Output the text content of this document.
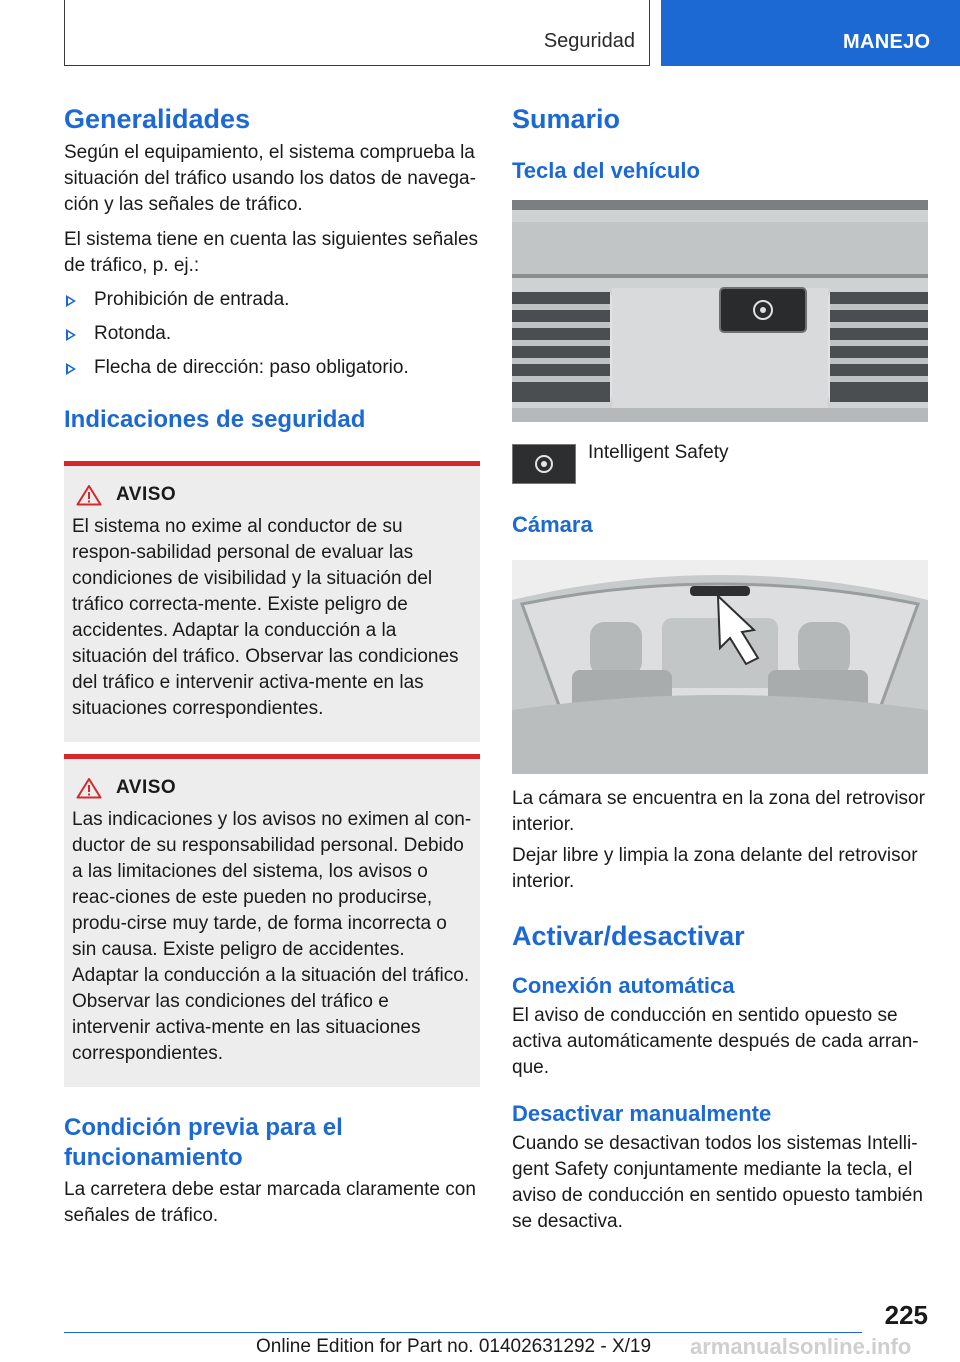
Seguridad	MANEJO
Generalidades

Según el equipamiento, el sistema comprueba la situación del tráfico usando los datos de navega-ción y las señales de tráfico.

El sistema tiene en cuenta las siguientes señales de tráfico, p. ej.:

Prohibición de entrada.
Rotonda.
Flecha de dirección: paso obligatorio.
Indicaciones de seguridad
AVISO

El sistema no exime al conductor de su respon-sabilidad personal de evaluar las condiciones de visibilidad y la situación del tráfico correcta-mente. Existe peligro de accidentes. Adaptar la conducción a la situación del tráfico. Observar las condiciones del tráfico e intervenir activa-mente en las situaciones correspondientes.

AVISO

Las indicaciones y los avisos no eximen al con-ductor de su responsabilidad personal. Debido a las limitaciones del sistema, los avisos o reac-ciones de este pueden no producirse, produ-cirse muy tarde, de forma incorrecta o sin causa. Existe peligro de accidentes. Adaptar la conducción a la situación del tráfico. Observar las condiciones del tráfico e intervenir activa-mente en las situaciones correspondientes.

Condición previa para el funcionamiento

La carretera debe estar marcada claramente con señales de tráfico.

Sumario
Tecla del vehículo
Intelligent Safety
Cámara

La cámara se encuentra en la zona del retrovisor interior.

Dejar libre y limpia la zona delante del retrovisor interior.

Activar/desactivar
Conexión automática

El aviso de conducción en sentido opuesto se activa automáticamente después de cada arran-que.

Desactivar manualmente

Cuando se desactivan todos los sistemas Intelli-gent Safety conjuntamente mediante la tecla, el aviso de conducción en sentido opuesto también se desactiva.

225
Online Edition for Part no. 01402631292 - X/19 armanualsonline.info
